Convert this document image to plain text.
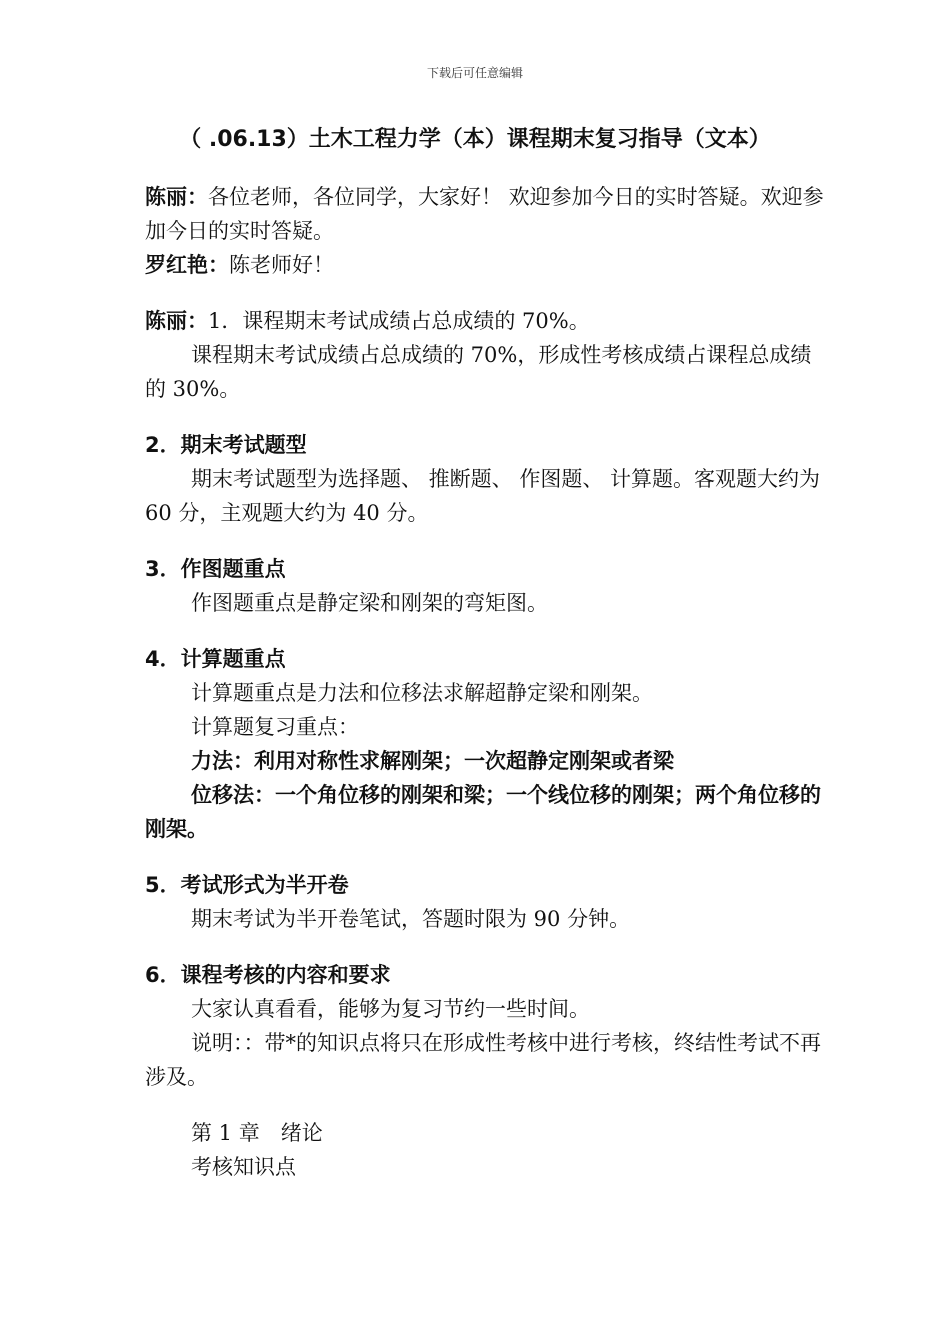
下载后可任意编辑
（ .06.13）土木工程力学（本）课程期末复习指导（文本）

陈丽：各位老师，各位同学，大家好！ 欢迎参加今日的实时答疑。欢迎参加今日的实时答疑。

罗红艳：陈老师好！

陈丽：1．课程期末考试成绩占总成绩的 70%。

课程期末考试成绩占总成绩的 70%，形成性考核成绩占课程总成绩的 30%。

2．期末考试题型

期末考试题型为选择题、 推断题、 作图题、 计算题。客观题大约为 60 分，主观题大约为 40 分。

3．作图题重点

作图题重点是静定梁和刚架的弯矩图。

4．计算题重点

计算题重点是力法和位移法求解超静定梁和刚架。

计算题复习重点：

力法：利用对称性求解刚架；一次超静定刚架或者梁

位移法：一个角位移的刚架和梁；一个线位移的刚架；两个角位移的刚架。

5．考试形式为半开卷

期末考试为半开卷笔试，答题时限为 90 分钟。

6．课程考核的内容和要求

大家认真看看，能够为复习节约一些时间。

说明：：带*的知识点将只在形成性考核中进行考核，终结性考试不再涉及。

第 1 章　绪论

考核知识点
